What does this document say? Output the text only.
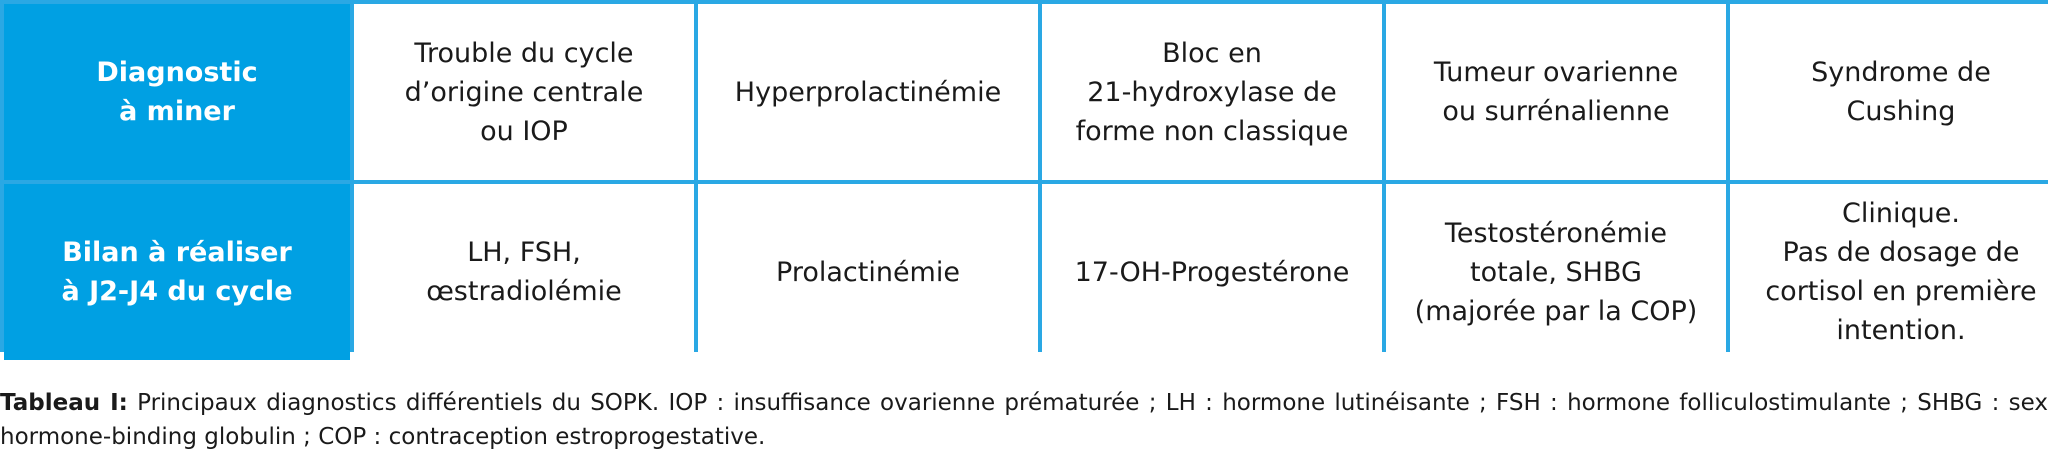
Diagnostic
à miner
Trouble du cycle
d’origine centrale
ou IOP
Hyperprolactinémie
Bloc en
21-hydroxylase de
forme non classique
Tumeur ovarienne
ou surrénalienne
Syndrome de
Cushing
Bilan à réaliser
à J2-J4 du cycle
LH, FSH,
œstradiolémie
Prolactinémie	17-OH-Progestérone
Testostéronémie
totale, SHBG
(majorée par la COP)
Clinique.
Pas de dosage de
cortisol en première
intention.
Tableau I: Principaux diagnostics différentiels du SOPK. IOP : insuffisance ovarienne prématurée ; LH : hormone lutinéisante ; FSH : hormone folliculostimulante ; SHBG : sex hormone-binding globulin ; COP : contraception estroprogestative.
